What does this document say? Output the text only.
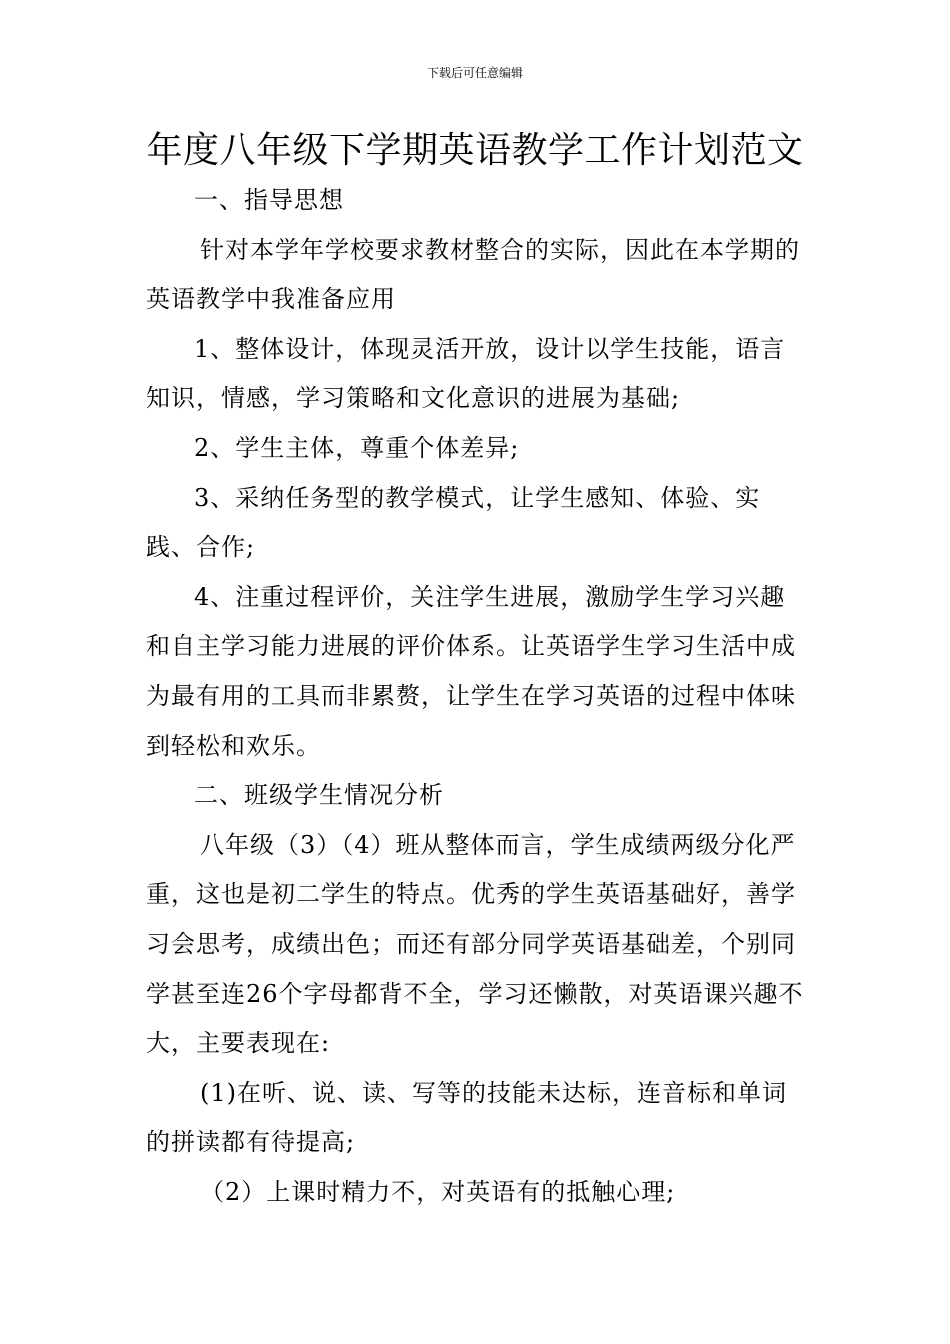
下载后可任意编辑
年度八年级下学期英语教学工作计划范文

一、指导思想

针对本学年学校要求教材整合的实际，因此在本学期的英语教学中我准备应用

1、整体设计，体现灵活开放，设计以学生技能，语言知识，情感，学习策略和文化意识的进展为基础;

2、学生主体，尊重个体差异;

3、采纳任务型的教学模式，让学生感知、体验、实践、合作;

4、注重过程评价，关注学生进展，激励学生学习兴趣和自主学习能力进展的评价体系。让英语学生学习生活中成为最有用的工具而非累赘，让学生在学习英语的过程中体味到轻松和欢乐。

二、班级学生情况分析

八年级（3）（4）班从整体而言，学生成绩两级分化严重，这也是初二学生的特点。优秀的学生英语基础好，善学习会思考，成绩出色；而还有部分同学英语基础差，个别同学甚至连26个字母都背不全，学习还懒散，对英语课兴趣不大，主要表现在:

(1)在听、说、读、写等的技能未达标，连音标和单词的拼读都有待提高;

（2）上课时精力不，对英语有的抵触心理;
